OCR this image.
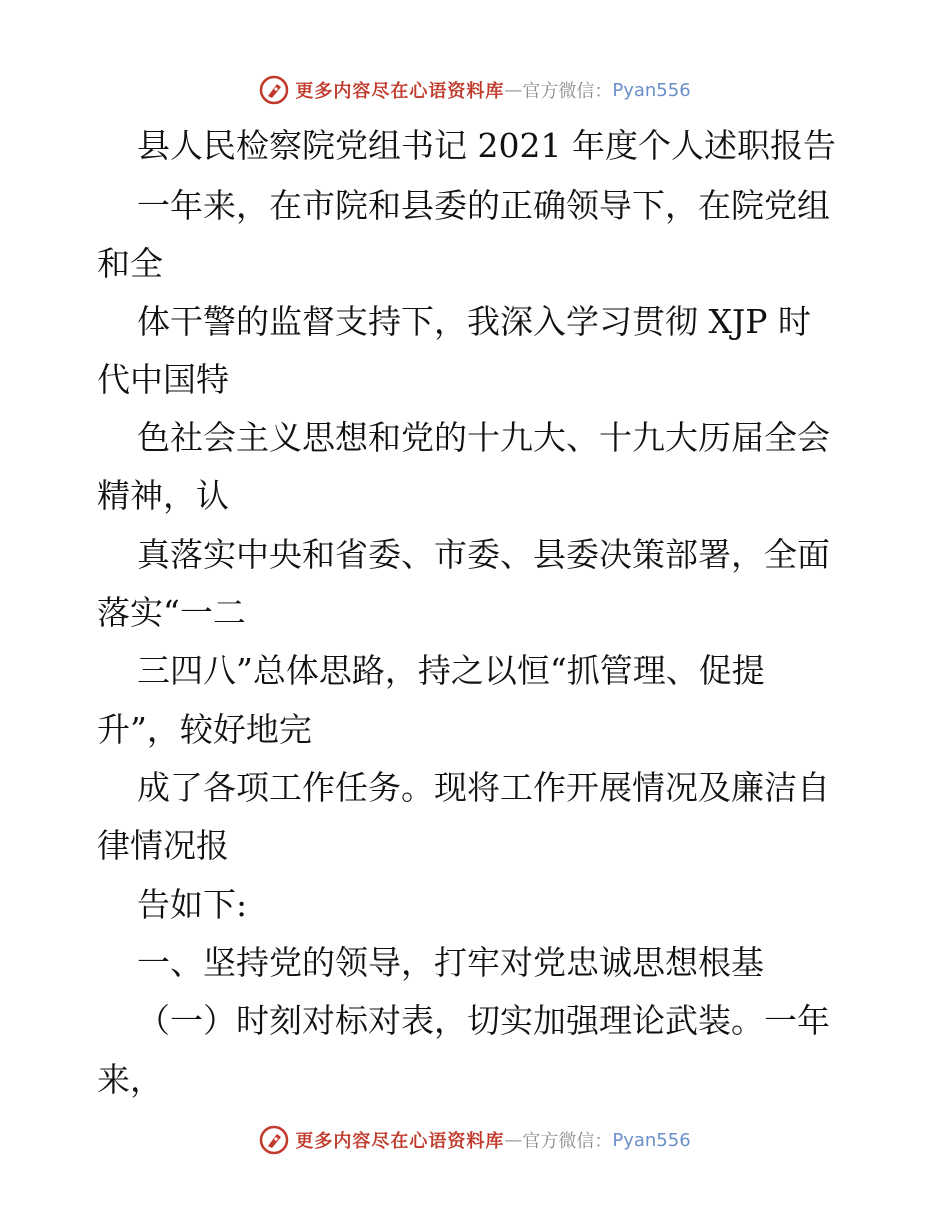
更多内容尽在心语资料库 — 官方微信： Pyan556
县人民检察院党组书记 2021 年度个人述职报告
一年来，在市院和县委的正确领导下，在院党组
和全
体干警的监督支持下，我深入学习贯彻 XJP 时
代中国特
色社会主义思想和党的十九大、十九大历届全会
精神，认
真落实中央和省委、市委、县委决策部署，全面
落实“一二
三四八”总体思路，持之以恒“抓管理、促提
升”，较好地完
成了各项工作任务。现将工作开展情况及廉洁自
律情况报
告如下:
一、坚持党的领导，打牢对党忠诚思想根基
（一）时刻对标对表，切实加强理论武装。一年
来，
更多内容尽在心语资料库 — 官方微信： Pyan556
